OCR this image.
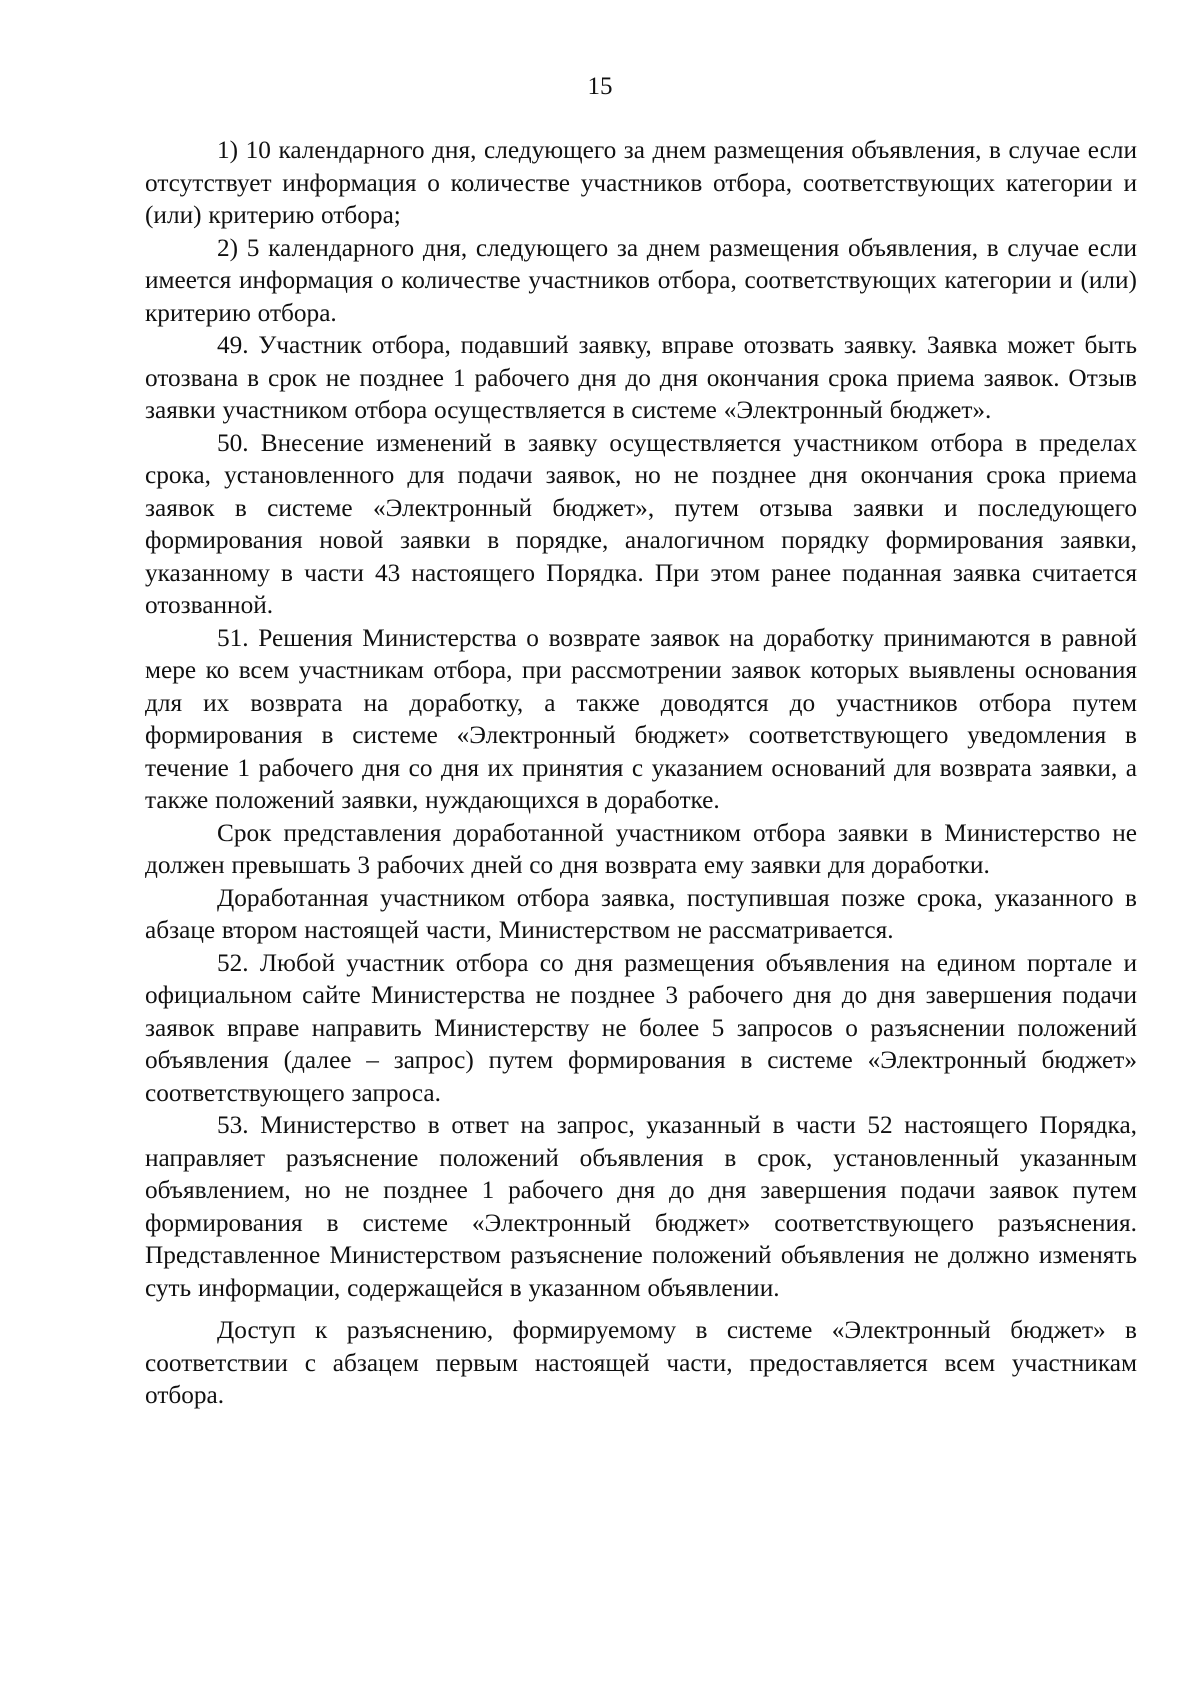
15

1) 10 календарного дня, следующего за днем размещения объявления, в случае если отсутствует информация о количестве участников отбора, соответствующих категории и (или) критерию отбора;

2) 5 календарного дня, следующего за днем размещения объявления, в случае если имеется информация о количестве участников отбора, соответствующих категории и (или) критерию отбора.

49. Участник отбора, подавший заявку, вправе отозвать заявку. Заявка может быть отозвана в срок не позднее 1 рабочего дня до дня окончания срока приема заявок. Отзыв заявки участником отбора осуществляется в системе «Электронный бюджет».

50. Внесение изменений в заявку осуществляется участником отбора в пределах срока, установленного для подачи заявок, но не позднее дня окончания срока приема заявок в системе «Электронный бюджет», путем отзыва заявки и последующего формирования новой заявки в порядке, аналогичном порядку формирования заявки, указанному в части 43 настоящего Порядка. При этом ранее поданная заявка считается отозванной.

51. Решения Министерства о возврате заявок на доработку принимаются в равной мере ко всем участникам отбора, при рассмотрении заявок которых выявлены основания для их возврата на доработку, а также доводятся до участников отбора путем формирования в системе «Электронный бюджет» соответствующего уведомления в течение 1 рабочего дня со дня их принятия с указанием оснований для возврата заявки, а также положений заявки, нуждающихся в доработке.

Срок представления доработанной участником отбора заявки в Министерство не должен превышать 3 рабочих дней со дня возврата ему заявки для доработки.

Доработанная участником отбора заявка, поступившая позже срока, указанного в абзаце втором настоящей части, Министерством не рассматривается.

52. Любой участник отбора со дня размещения объявления на едином портале и официальном сайте Министерства не позднее 3 рабочего дня до дня завершения подачи заявок вправе направить Министерству не более 5 запросов о разъяснении положений объявления (далее – запрос) путем формирования в системе «Электронный бюджет» соответствующего запроса.

53. Министерство в ответ на запрос, указанный в части 52 настоящего Порядка, направляет разъяснение положений объявления в срок, установленный указанным объявлением, но не позднее 1 рабочего дня до дня завершения подачи заявок путем формирования в системе «Электронный бюджет» соответствующего разъяснения. Представленное Министерством разъяснение положений объявления не должно изменять суть информации, содержащейся в указанном объявлении.

Доступ к разъяснению, формируемому в системе «Электронный бюджет» в соответствии с абзацем первым настоящей части, предоставляется всем участникам отбора.
